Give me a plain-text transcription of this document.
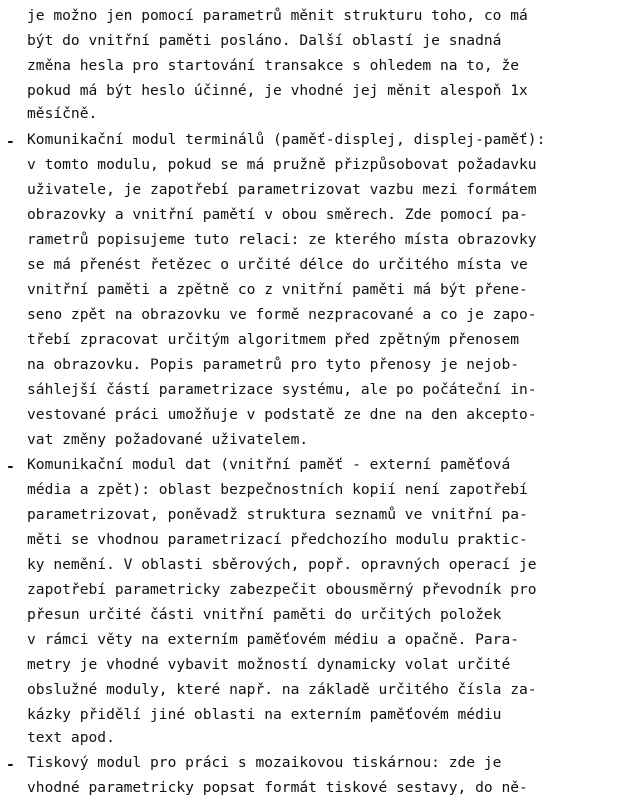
je možno jen pomocí parametrů měnit strukturu toho, co má
být do vnitřní paměti posláno. Další oblastí je snadná
změna hesla pro startování transakce s ohledem na to, že
pokud má být heslo účinné, je vhodné jej měnit alespoň 1x
měsíčně.
- Komunikační modul terminálů (paměť-displej, displej-paměť):
v tomto modulu, pokud se má pružně přizpůsobovat požadavku
uživatele, je zapotřebí parametrizovat vazbu mezi formátem
obrazovky a vnitřní pamětí v obou směrech. Zde pomocí pa-
rametrů popisujeme tuto relaci: ze kterého místa obrazovky
se má přenést řetězec o určité délce do určitého místa ve
vnitřní paměti a zpětně co z vnitřní paměti má být přene-
seno zpět na obrazovku ve formě nezpracované a co je zapo-
třebí zpracovat určitým algoritmem před zpětným přenosem
na obrazovku. Popis parametrů pro tyto přenosy je nejob-
sáhlejší částí parametrizace systému, ale po počáteční in-
vestované práci umožňuje v podstatě ze dne na den akcepto-
vat změny požadované uživatelem.
- Komunikační modul dat (vnitřní paměť - externí paměťová
média a zpět): oblast bezpečnostních kopií není zapotřebí
parametrizovat, poněvadž struktura seznamů ve vnitřní pa-
měti se vhodnou parametrizací předchozího modulu praktic-
ky nemění. V oblasti sběrových, popř. opravných operací je
zapotřebí parametricky zabezpečit obousměrný převodník pro
přesun určité části vnitřní paměti do určitých položek
v rámci věty na externím paměťovém médiu a opačně. Para-
metry je vhodné vybavit možností dynamicky volat určité
obslužné moduly, které např. na základě určitého čísla za-
kázky přidělí jiné oblasti na externím paměťovém médiu
text apod.
- Tiskový modul pro práci s mozaikovou tiskárnou: zde je
vhodné parametricky popsat formát tiskové sestavy, do ně-
